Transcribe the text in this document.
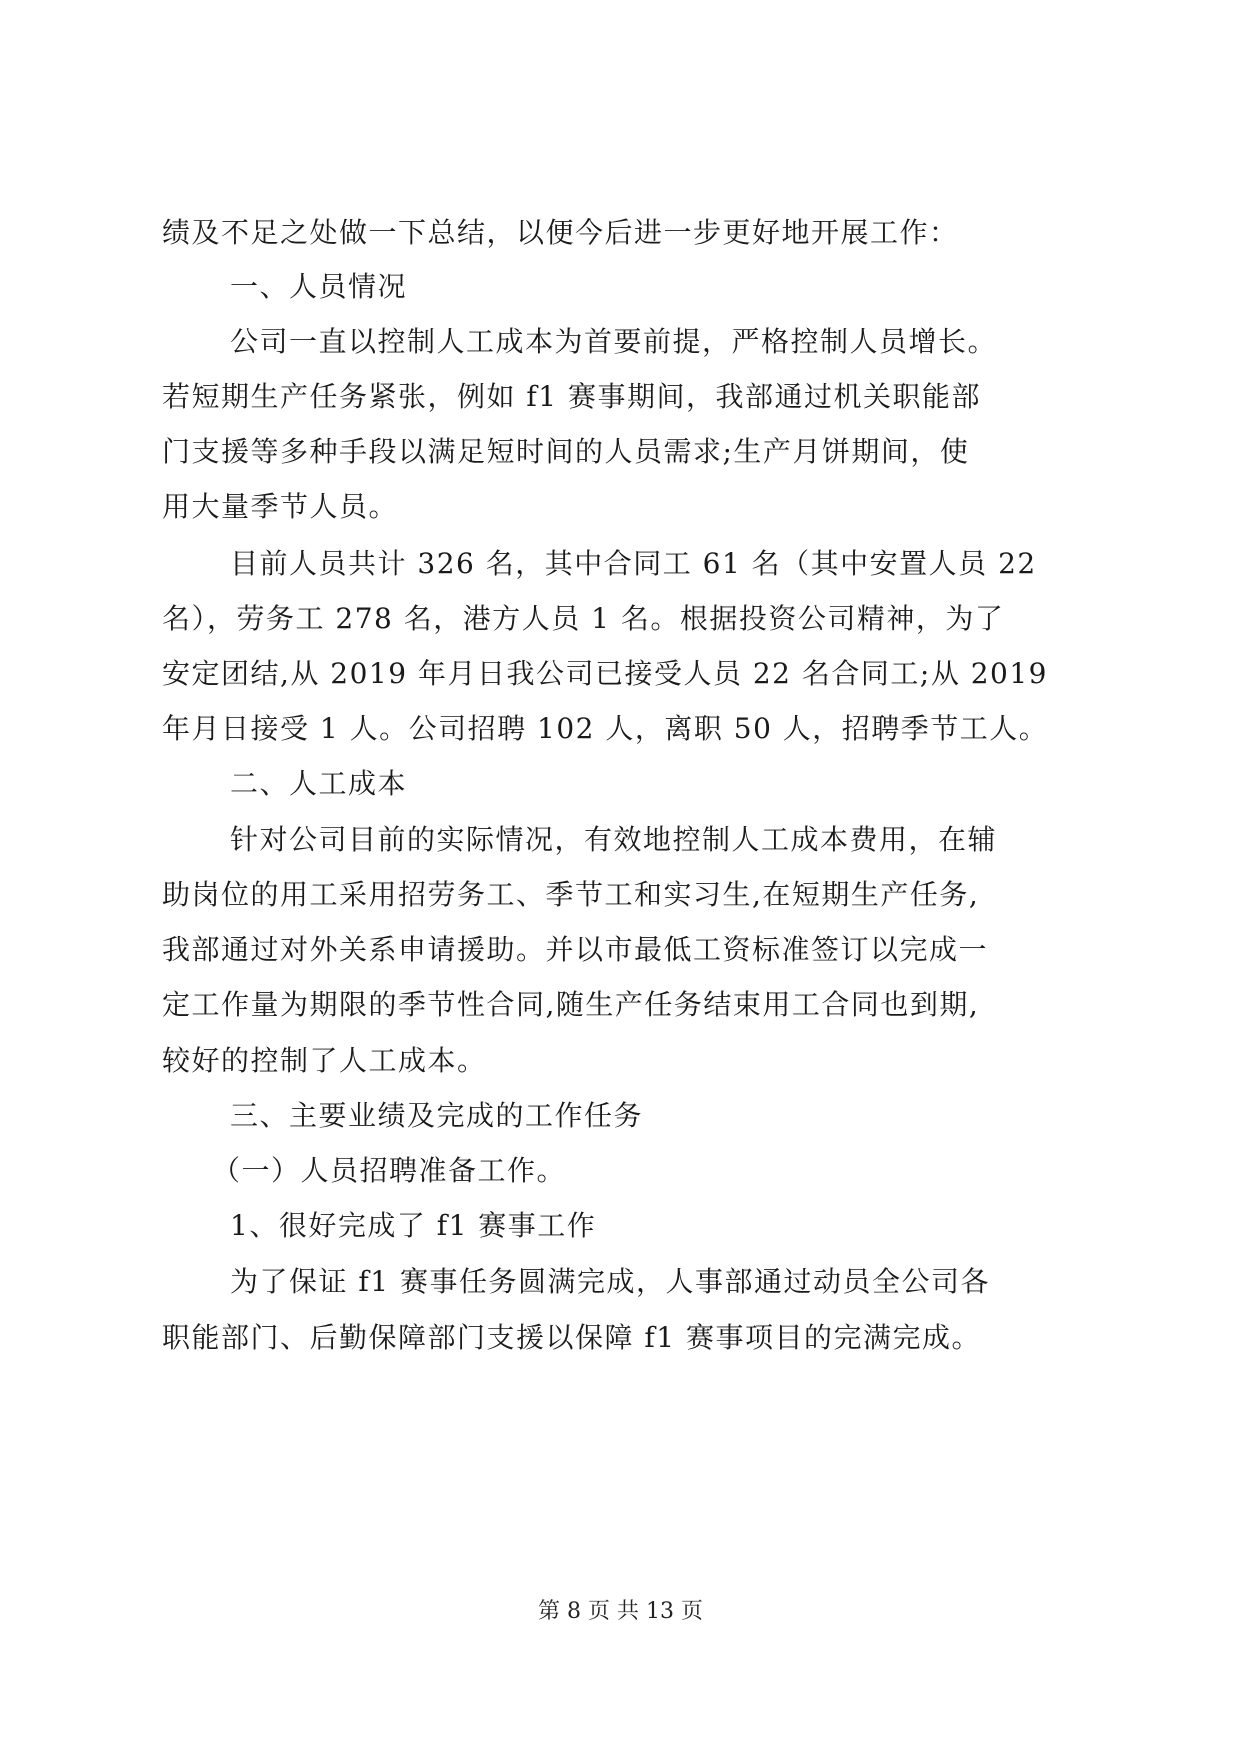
绩及不足之处做一下总结，以便今后进一步更好地开展工作：
一、人员情况
公司一直以控制人工成本为首要前提，严格控制人员增长。
若短期生产任务紧张，例如 f1 赛事期间，我部通过机关职能部
门支援等多种手段以满足短时间的人员需求;生产月饼期间，使
用大量季节人员。
目前人员共计 326 名，其中合同工 61 名（其中安置人员 22
名），劳务工 278 名，港方人员 1 名。根据投资公司精神，为了
安定团结,从 2019 年月日我公司已接受人员 22 名合同工;从 2019
年月日接受 1 人。公司招聘 102 人，离职 50 人，招聘季节工人。
二、人工成本
针对公司目前的实际情况，有效地控制人工成本费用，在辅
助岗位的用工采用招劳务工、季节工和实习生,在短期生产任务,
我部通过对外关系申请援助。并以市最低工资标准签订以完成一
定工作量为期限的季节性合同,随生产任务结束用工合同也到期,
较好的控制了人工成本。
三、主要业绩及完成的工作任务
（一）人员招聘准备工作。
1、很好完成了 f1 赛事工作
为了保证 f1 赛事任务圆满完成，人事部通过动员全公司各
职能部门、后勤保障部门支援以保障 f1 赛事项目的完满完成。
第 8 页 共 13 页
